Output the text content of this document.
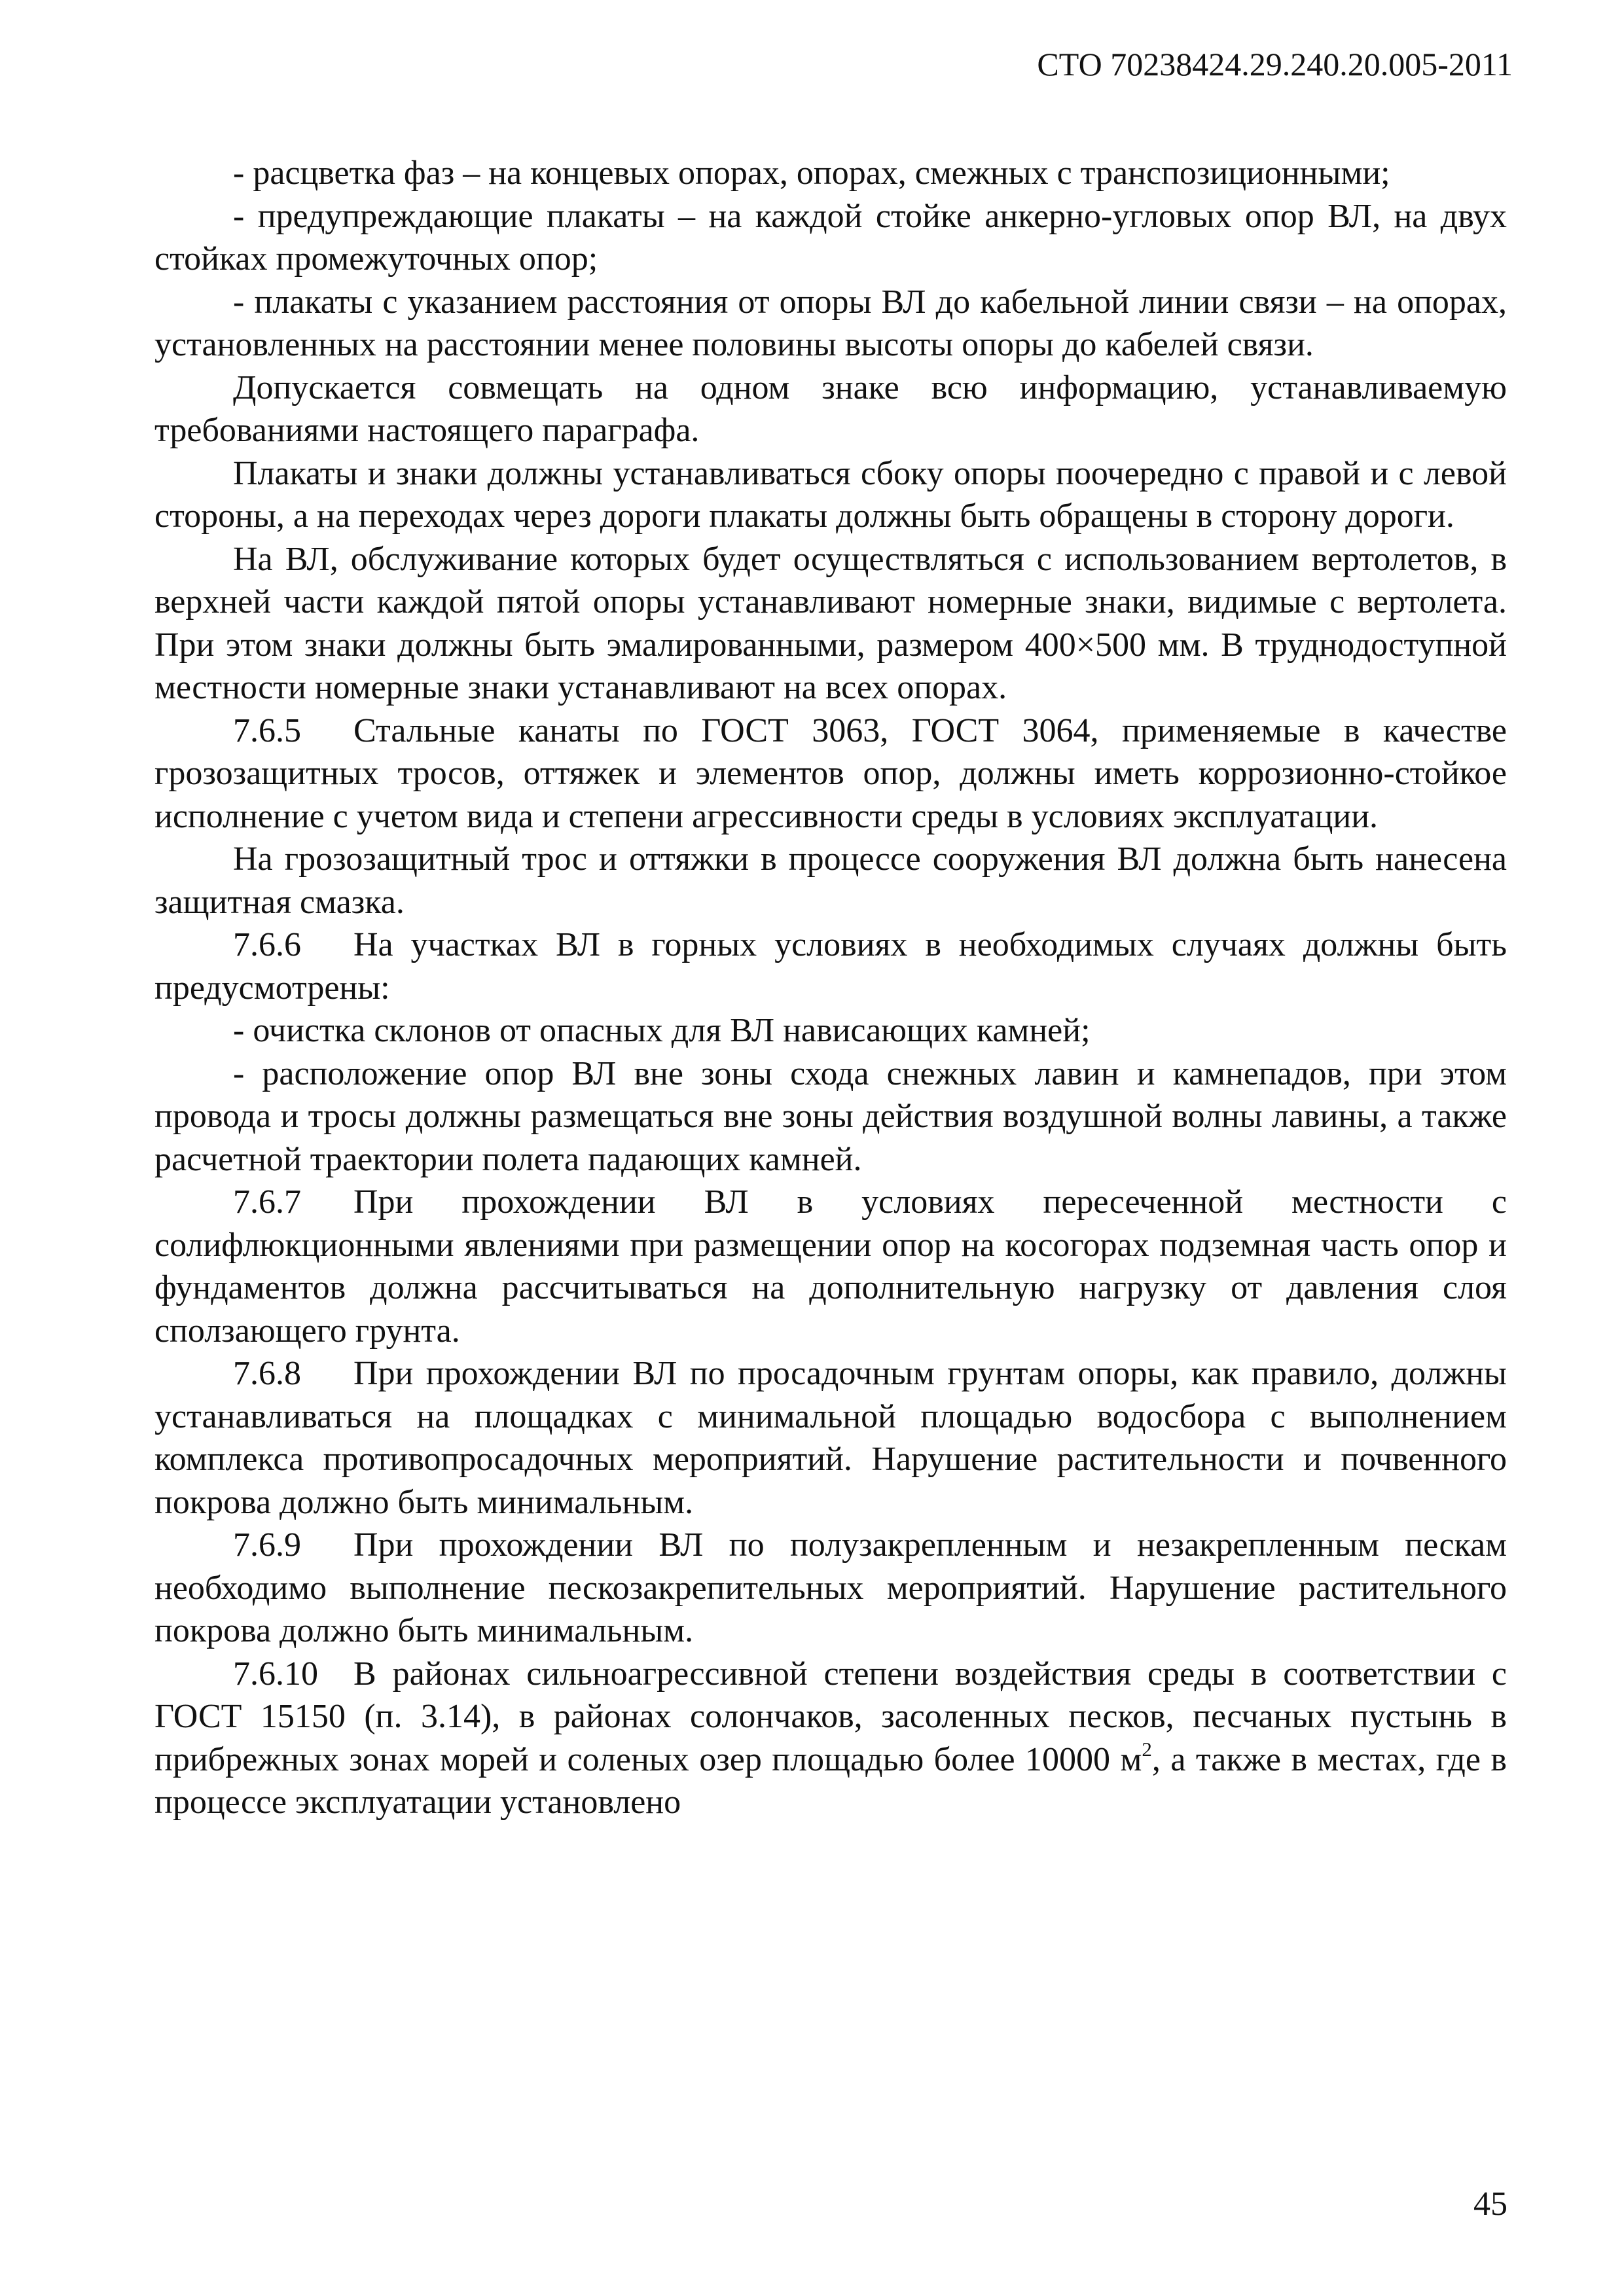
СТО 70238424.29.240.20.005-2011

- расцветка фаз – на концевых опорах, опорах, смежных с транспозиционными;

- предупреждающие плакаты – на каждой стойке анкерно-угловых опор ВЛ, на двух стойках промежуточных опор;

- плакаты с указанием расстояния от опоры ВЛ до кабельной линии связи – на опорах, установленных на расстоянии менее половины высоты опоры до кабелей связи.

Допускается совмещать на одном знаке всю информацию, устанавливаемую требованиями настоящего параграфа.

Плакаты и знаки должны устанавливаться сбоку опоры поочередно с правой и с левой стороны, а на переходах через дороги плакаты должны быть обращены в сторону дороги.

На ВЛ, обслуживание которых будет осуществляться с использованием вертолетов, в верхней части каждой пятой опоры устанавливают номерные знаки, видимые с вертолета. При этом знаки должны быть эмалированными, размером 400×500 мм. В труднодоступной местности номерные знаки устанавливают на всех опорах.

7.6.5 Стальные канаты по ГОСТ 3063, ГОСТ 3064, применяемые в качестве грозозащитных тросов, оттяжек и элементов опор, должны иметь коррозионно-стойкое исполнение с учетом вида и степени агрессивности среды в условиях эксплуатации.

На грозозащитный трос и оттяжки в процессе сооружения ВЛ должна быть нанесена защитная смазка.

7.6.6 На участках ВЛ в горных условиях в необходимых случаях должны быть предусмотрены:

- очистка склонов от опасных для ВЛ нависающих камней;

- расположение опор ВЛ вне зоны схода снежных лавин и камнепадов, при этом провода и тросы должны размещаться вне зоны действия воздушной волны лавины, а также расчетной траектории полета падающих камней.

7.6.7 При прохождении ВЛ в условиях пересеченной местности с солифлюкционными явлениями при размещении опор на косогорах подземная часть опор и фундаментов должна рассчитываться на дополнительную нагрузку от давления слоя сползающего грунта.

7.6.8 При прохождении ВЛ по просадочным грунтам опоры, как правило, должны устанавливаться на площадках с минимальной площадью водосбора с выполнением комплекса противопросадочных мероприятий. Нарушение растительности и почвенного покрова должно быть минимальным.

7.6.9 При прохождении ВЛ по полузакрепленным и незакрепленным пескам необходимо выполнение пескозакрепительных мероприятий. Нарушение растительного покрова должно быть минимальным.

7.6.10 В районах сильноагрессивной степени воздействия среды в соответствии с ГОСТ 15150 (п. 3.14), в районах солончаков, засоленных песков, песчаных пустынь в прибрежных зонах морей и соленых озер площадью более 10000 $м^2$, а также в местах, где в процессе эксплуатации установлено

45
